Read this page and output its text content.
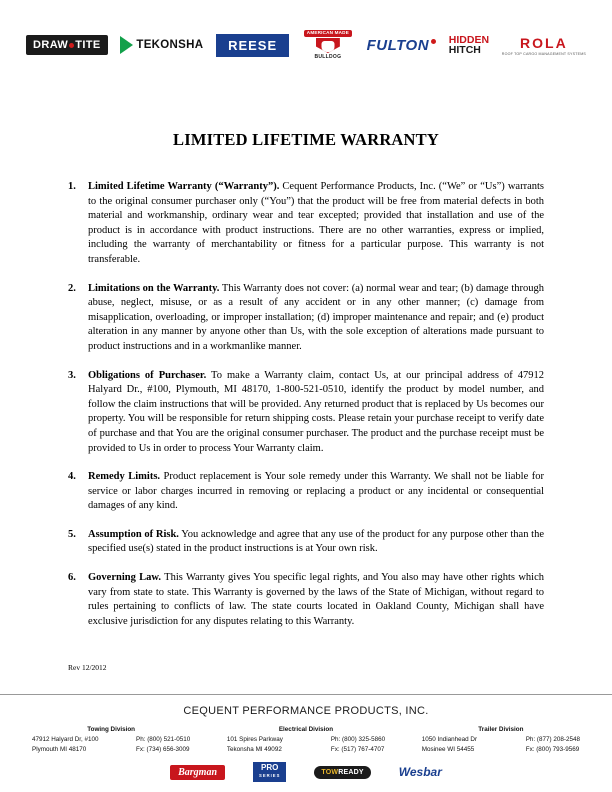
DRAW TITE	TEKONSHA	REESE
AMERICAN MADE
BULLDOG
FULTON	HIDDEN
HITCH	ROLA
ROOF TOP CARGO MANAGEMENT SYSTEMS
LIMITED LIFETIME WARRANTY
1.	Limited Lifetime Warranty (“Warranty”). Cequent Performance Products, Inc. (“We” or “Us”) warrants to the original consumer purchaser only (“You”) that the product will be free from material defects in both material and workmanship, ordinary wear and tear excepted; provided that installation and use of the product is in accordance with product instructions. There are no other warranties, express or implied, including the warranty of merchantability or fitness for a particular purpose. This warranty is not transferable.
2.	Limitations on the Warranty. This Warranty does not cover: (a) normal wear and tear; (b) damage through abuse, neglect, misuse, or as a result of any accident or in any other manner; (c) damage from misapplication, overloading, or improper installation; (d) improper maintenance and repair; and (e) product alteration in any manner by anyone other than Us, with the sole exception of alterations made pursuant to product instructions and in a workmanlike manner.
3.	Obligations of Purchaser. To make a Warranty claim, contact Us, at our principal address of 47912 Halyard Dr., #100, Plymouth, MI 48170, 1-800-521-0510, identify the product by model number, and follow the claim instructions that will be provided. Any returned product that is replaced by Us becomes our property. You will be responsible for return shipping costs. Please retain your purchase receipt to verify date of purchase and that You are the original consumer purchaser. The product and the purchase receipt must be provided to Us in order to process Your Warranty claim.
4.	Remedy Limits. Product replacement is Your sole remedy under this Warranty. We shall not be liable for service or labor charges incurred in removing or replacing a product or any incidental or consequential damages of any kind.
5.	Assumption of Risk. You acknowledge and agree that any use of the product for any purpose other than the specified use(s) stated in the product instructions is at Your own risk.
6.	Governing Law. This Warranty gives You specific legal rights, and You also may have other rights which vary from state to state. This Warranty is governed by the laws of the State of Michigan, without regard to rules pertaining to conflicts of law. The state courts located in Oakland County, Michigan shall have exclusive jurisdiction for any disputes relating to this Warranty.
Rev 12/2012
CEQUENT PERFORMANCE PRODUCTS, INC.
Towing Division
47912 Halyard Dr, #100	Ph: (800) 521-0510
Plymouth MI 48170	Fx: (734) 656-3009
Electrical Division
101 Spires Parkway	Ph: (800) 325-5860
Tekonsha MI 49092	Fx: (517) 767-4707
Trailer Division
1050 Indianhead Dr	Ph: (877) 208-2548
Mosinee WI 54455	Fx: (800) 793-9569
Bargman	PRO
SERIES	TOWREADY	Wesbar
